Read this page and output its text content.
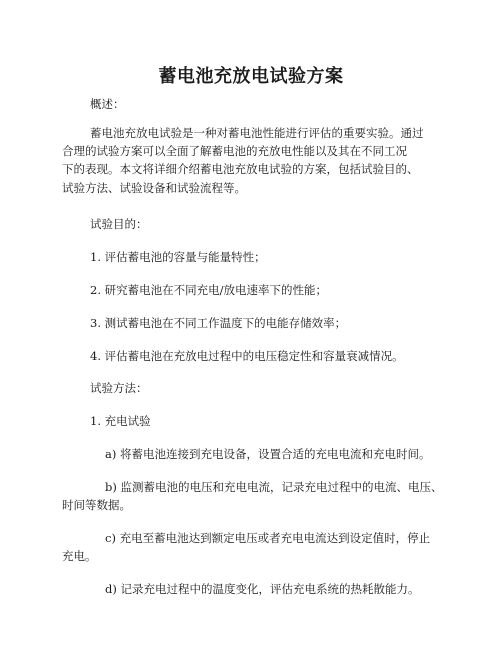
蓄电池充放电试验方案
概述：
蓄电池充放电试验是一种对蓄电池性能进行评估的重要实验。通过
合理的试验方案可以全面了解蓄电池的充放电性能以及其在不同工况
下的表现。本文将详细介绍蓄电池充放电试验的方案，包括试验目的、
试验方法、试验设备和试验流程等。
试验目的：
1. 评估蓄电池的容量与能量特性；
2. 研究蓄电池在不同充电/放电速率下的性能；
3. 测试蓄电池在不同工作温度下的电能存储效率；
4. 评估蓄电池在充放电过程中的电压稳定性和容量衰减情况。
试验方法：
1. 充电试验
a) 将蓄电池连接到充电设备，设置合适的充电电流和充电时间。
b) 监测蓄电池的电压和充电电流，记录充电过程中的电流、电压、
时间等数据。
c) 充电至蓄电池达到额定电压或者充电电流达到设定值时，停止
充电。
d) 记录充电过程中的温度变化，评估充电系统的热耗散能力。
